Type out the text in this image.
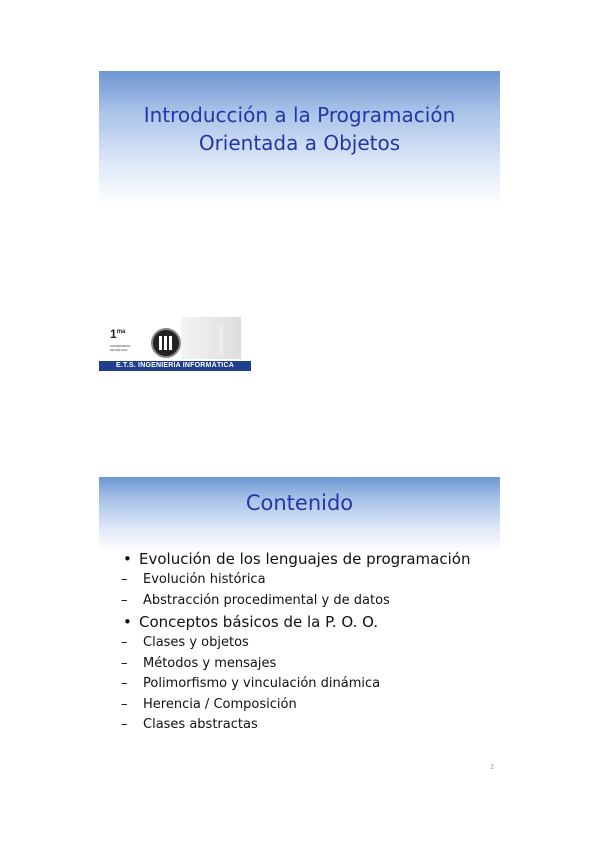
Introducción a la Programación
Orientada a Objetos
$1^{ma}$
UNIVERSIDAD
DE MÁLAGA
E.T.S. INGENIERÍA INFORMÁTICA
Contenido
• Evolución de los lenguajes de programación
– Evolución histórica
– Abstracción procedimental y de datos
• Conceptos básicos de la P. O. O.
– Clases y objetos
– Métodos y mensajes
– Polimorfismo y vinculación dinámica
– Herencia / Composición
– Clases abstractas
2
